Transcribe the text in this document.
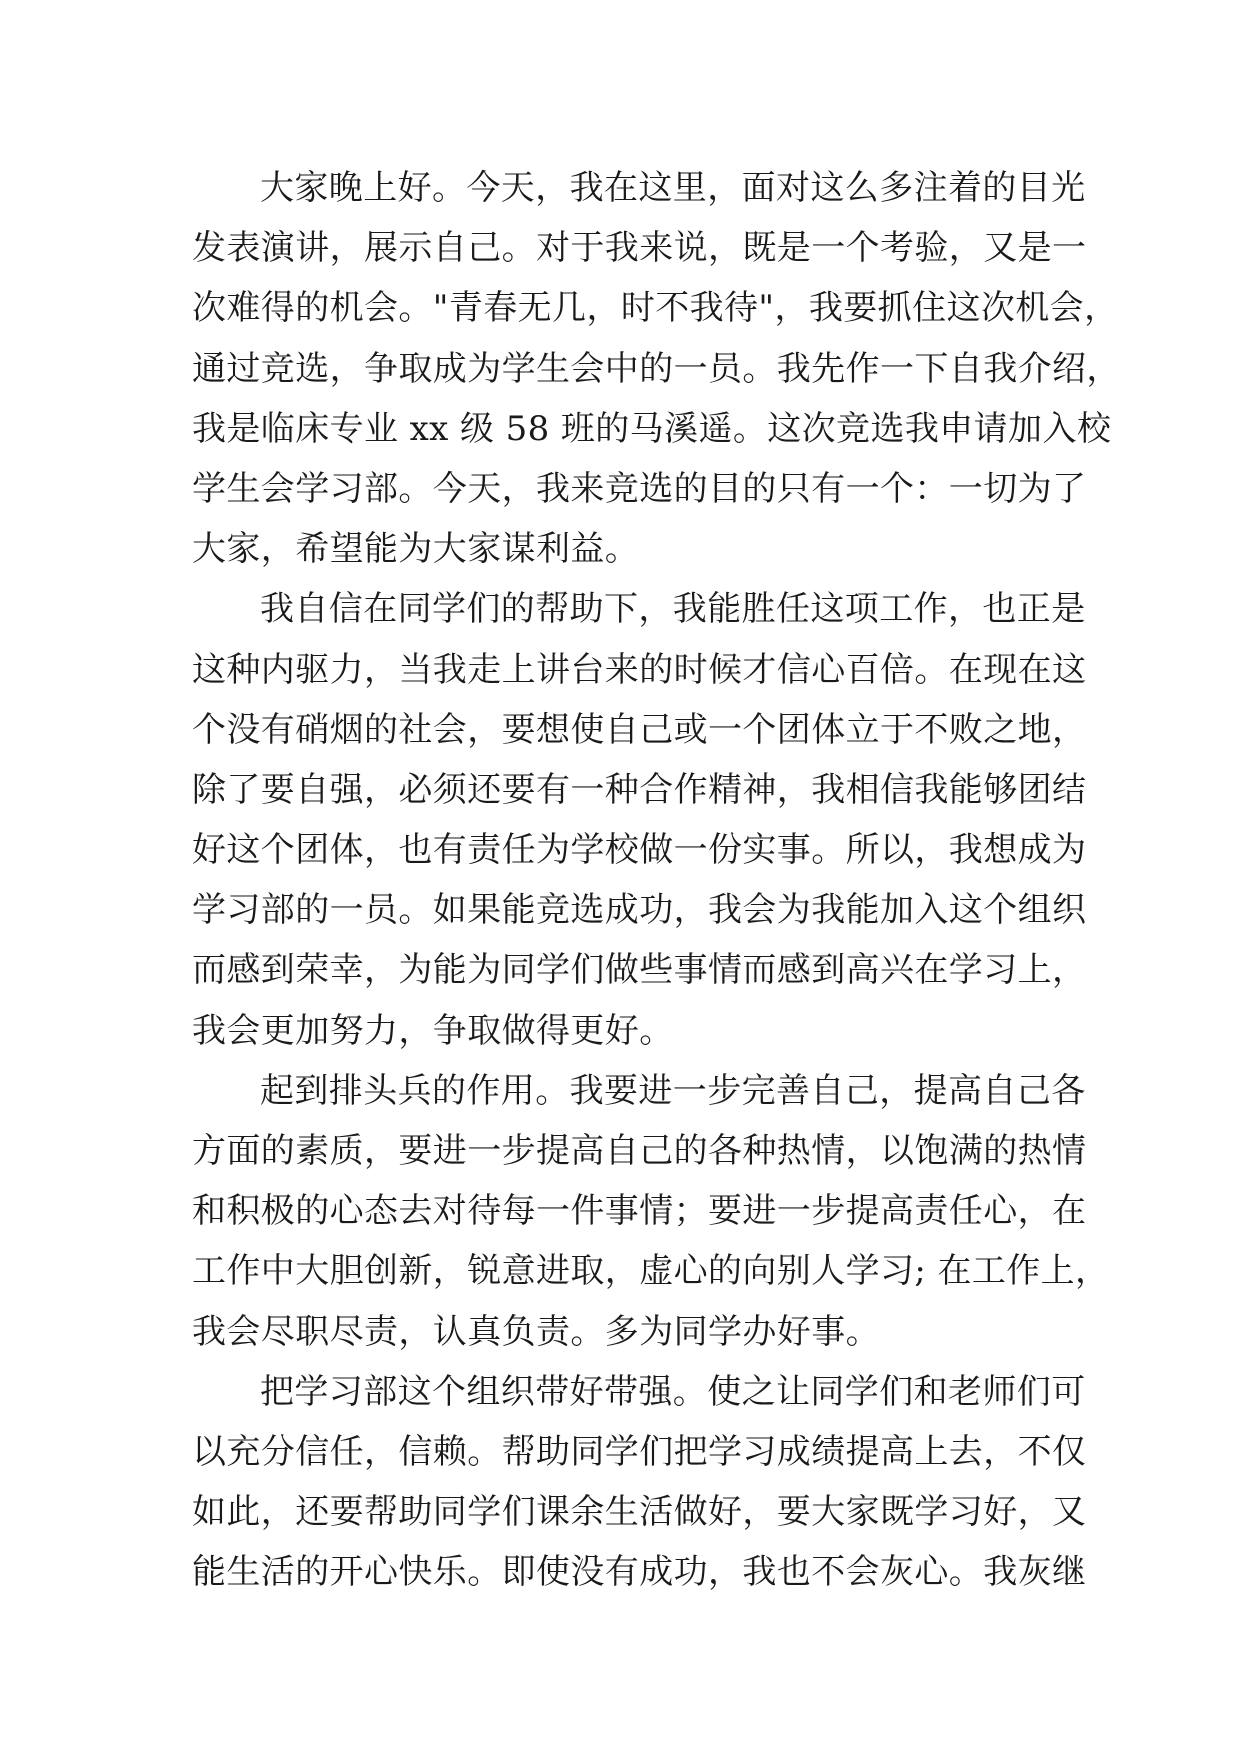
大家晚上好。今天，我在这里，面对这么多注着的目光
发表演讲，展示自己。对于我来说，既是一个考验，又是一
次难得的机会。"青春无几，时不我待"，我要抓住这次机会，
通过竞选，争取成为学生会中的一员。我先作一下自我介绍，
我是临床专业 xx 级 58 班的马溪遥。这次竞选我申请加入校
学生会学习部。今天，我来竞选的目的只有一个：一切为了
大家，希望能为大家谋利益。
我自信在同学们的帮助下，我能胜任这项工作，也正是
这种内驱力，当我走上讲台来的时候才信心百倍。在现在这
个没有硝烟的社会，要想使自己或一个团体立于不败之地，
除了要自强，必须还要有一种合作精神，我相信我能够团结
好这个团体，也有责任为学校做一份实事。所以，我想成为
学习部的一员。如果能竞选成功，我会为我能加入这个组织
而感到荣幸，为能为同学们做些事情而感到高兴在学习上，
我会更加努力，争取做得更好。
起到排头兵的作用。我要进一步完善自己，提高自己各
方面的素质，要进一步提高自己的各种热情，以饱满的热情
和积极的心态去对待每一件事情；要进一步提高责任心，在
工作中大胆创新，锐意进取，虚心的向别人学习; 在工作上，
我会尽职尽责，认真负责。多为同学办好事。
把学习部这个组织带好带强。使之让同学们和老师们可
以充分信任，信赖。帮助同学们把学习成绩提高上去，不仅
如此，还要帮助同学们课余生活做好，要大家既学习好，又
能生活的开心快乐。即使没有成功，我也不会灰心。我灰继
